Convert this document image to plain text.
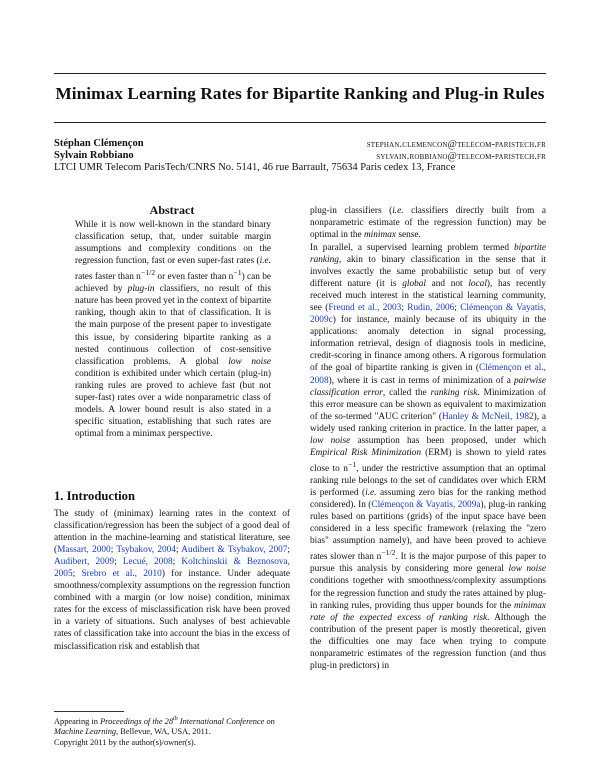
Minimax Learning Rates for Bipartite Ranking and Plug-in Rules
Stéphan Clémençon	stephan.clemencon@telecom-paristech.fr
Sylvain Robbiano	sylvain.robbiano@telecom-paristech.fr
LTCI UMR Telecom ParisTech/CNRS No. 5141, 46 rue Barrault, 75634 Paris cedex 13, France
Abstract
While it is now well-known in the standard binary classification setup, that, under suitable margin assumptions and complexity conditions on the regression function, fast or even super-fast rates (i.e. rates faster than $n^{-1/2}$ or even faster than $n^{-1}$) can be achieved by plug-in classifiers, no result of this nature has been proved yet in the context of bipartite ranking, though akin to that of classification. It is the main purpose of the present paper to investigate this issue, by considering bipartite ranking as a nested continuous collection of cost-sensitive classification problems. A global low noise condition is exhibited under which certain (plug-in) ranking rules are proved to achieve fast (but not super-fast) rates over a wide nonparametric class of models. A lower bound result is also stated in a specific situation, establishing that such rates are optimal from a minimax perspective.
1. Introduction
The study of (minimax) learning rates in the context of classification/regression has been the subject of a good deal of attention in the machine-learning and statistical literature, see (Massart, 2000; Tsybakov, 2004; Audibert & Tsybakov, 2007; Audibert, 2009; Lecué, 2008; Koltchinskii & Beznosova, 2005; Srebro et al., 2010) for instance. Under adequate smoothness/complexity assumptions on the regression function combined with a margin (or low noise) condition, minimax rates for the excess of misclassification risk have been proved in a variety of situations. Such analyses of best achievable rates of classification take into account the bias in the excess of misclassification risk and establish that

Appearing in Proceedings of the 28th International Conference on Machine Learning, Bellevue, WA, USA, 2011.

Copyright 2011 by the author(s)/owner(s).

plug-in classifiers (i.e. classifiers directly built from a nonparametric estimate of the regression function) may be optimal in the minimax sense.
In parallel, a supervised learning problem termed bipartite ranking, akin to binary classification in the sense that it involves exactly the same probabilistic setup but of very different nature (it is global and not local), has recently received much interest in the statistical learning community, see (Freund et al., 2003; Rudin, 2006; Clémençon & Vayatis, 2009c) for instance, mainly because of its ubiquity in the applications: anomaly detection in signal processing, information retrieval, design of diagnosis tools in medicine, credit-scoring in finance among others. A rigorous formulation of the goal of bipartite ranking is given in (Clémençon et al., 2008), where it is cast in terms of minimization of a pairwise classification error, called the ranking risk. Minimization of this error measure can be shown as equivalent to maximization of the so-termed "AUC criterion" (Hanley & McNeil, 1982), a widely used ranking criterion in practice. In the latter paper, a low noise assumption has been proposed, under which Empirical Risk Minimization (ERM) is shown to yield rates close to $n^{-1}$, under the restrictive assumption that an optimal ranking rule belongs to the set of candidates over which ERM is performed (i.e. assuming zero bias for the ranking method considered). In (Clémençon & Vayatis, 2009a), plug-in ranking rules based on partitions (grids) of the input space have been considered in a less specific framework (relaxing the "zero bias" assumption namely), and have been proved to achieve rates slower than $n^{-1/2}$. It is the major purpose of this paper to pursue this analysis by considering more general low noise conditions together with smoothness/complexity assumptions for the regression function and study the rates attained by plug-in ranking rules, providing thus upper bounds for the minimax rate of the expected excess of ranking risk. Although the contribution of the present paper is mostly theoretical, given the difficulties one may face when trying to compute nonparametric estimates of the regression function (and thus plug-in predictors) in
